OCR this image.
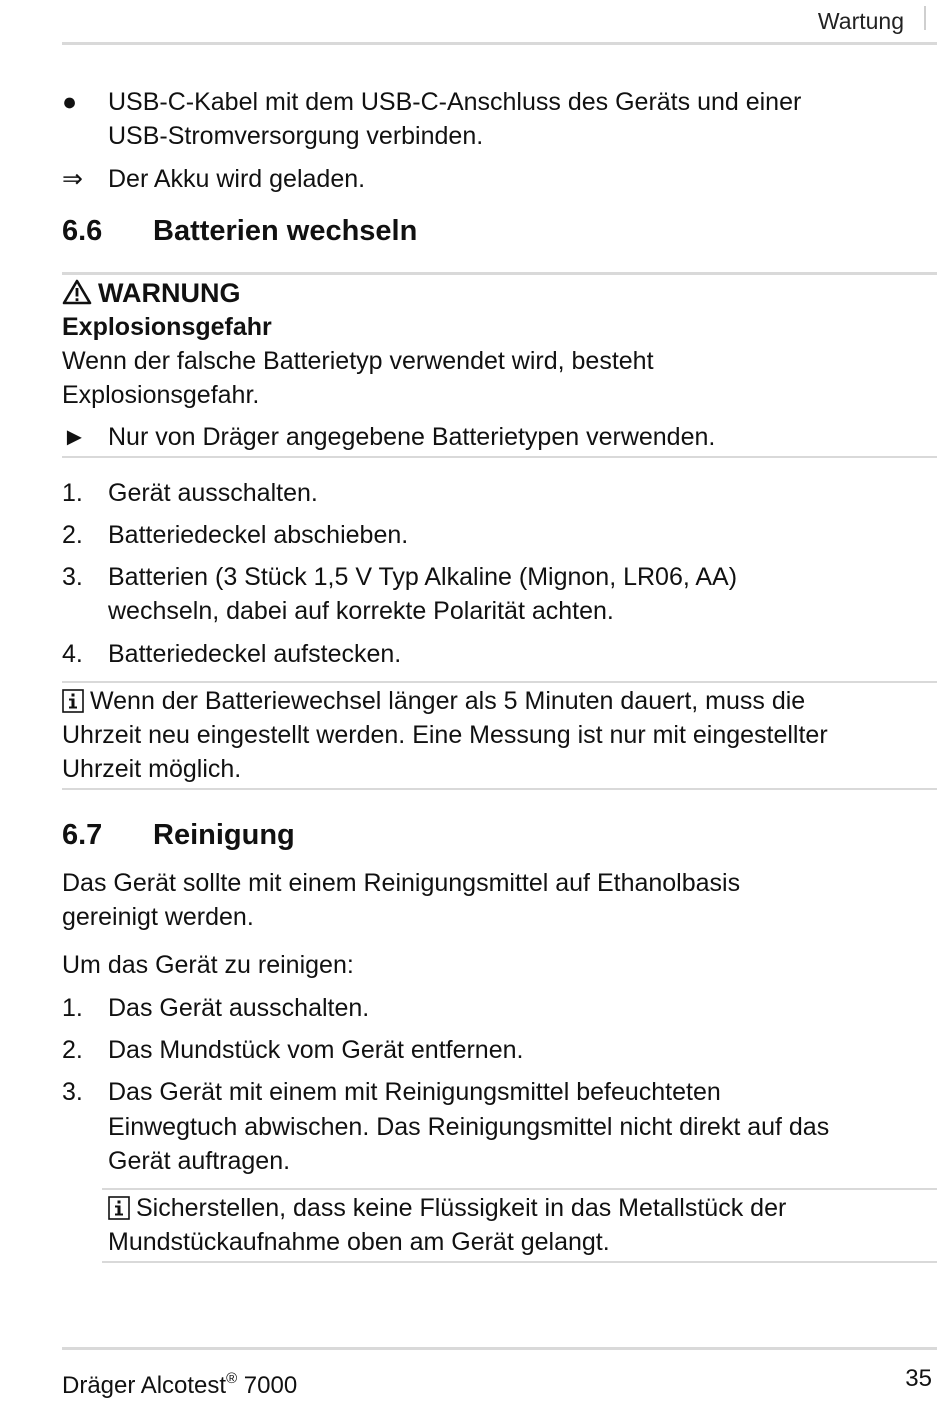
Wartung
●	USB-C-Kabel mit dem USB-C-Anschluss des Geräts und einer
USB-Stromversorgung verbinden.
⇒	Der Akku wird geladen.
6.6 Batterien wechseln
WARNUNG
Explosionsgefahr
Wenn der falsche Batterietyp verwendet wird, besteht
Explosionsgefahr.
► Nur von Dräger angegebene Batterietypen verwenden.
1.	Gerät ausschalten.
2.	Batteriedeckel abschieben.
3.	Batterien (3 Stück 1,5 V Typ Alkaline (Mignon, LR06, AA)
wechseln, dabei auf korrekte Polarität achten.
4.	Batteriedeckel aufstecken.
Wenn der Batteriewechsel länger als 5 Minuten dauert, muss die
Uhrzeit neu eingestellt werden. Eine Messung ist nur mit eingestellter
Uhrzeit möglich.
6.7 Reinigung
Das Gerät sollte mit einem Reinigungsmittel auf Ethanolbasis
gereinigt werden.
Um das Gerät zu reinigen:
1.	Das Gerät ausschalten.
2.	Das Mundstück vom Gerät entfernen.
3.	Das Gerät mit einem mit Reinigungsmittel befeuchteten
Einwegtuch abwischen. Das Reinigungsmittel nicht direkt auf das
Gerät auftragen.
Sicherstellen, dass keine Flüssigkeit in das Metallstück der
Mundstückaufnahme oben am Gerät gelangt.
Dräger Alcotest® 7000	35
